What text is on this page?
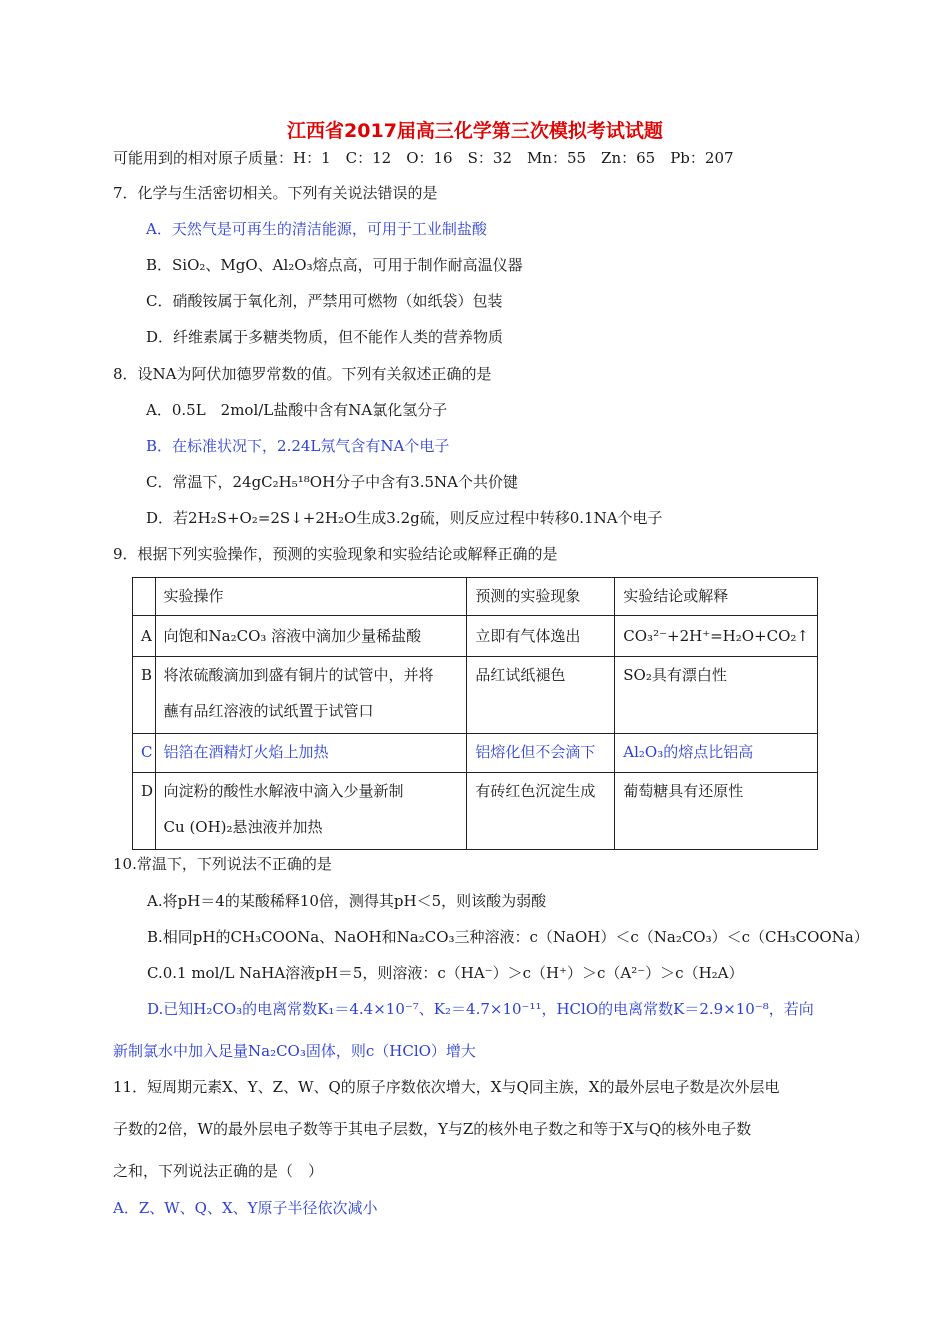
江西省2017届高三化学第三次模拟考试试题
可能用到的相对原子质量：H：1　C：12　O：16　S：32　Mn：55　Zn：65　Pb：207
7．化学与生活密切相关。下列有关说法错误的是
A．天然气是可再生的清洁能源，可用于工业制盐酸
B．SiO₂、MgO、Al₂O₃熔点高，可用于制作耐高温仪器
C．硝酸铵属于氧化剂，严禁用可燃物（如纸袋）包装
D．纤维素属于多糖类物质，但不能作人类的营养物质
8．设NA为阿伏加德罗常数的值。下列有关叙述正确的是
A．0.5L　2mol/L盐酸中含有NA氯化氢分子
B．在标准状况下，2.24L氖气含有NA个电子
C．常温下，24gC₂H₅¹⁸OH分子中含有3.5NA个共价键
D．若2H₂S+O₂=2S↓+2H₂O生成3.2g硫，则反应过程中转移0.1NA个电子
9．根据下列实验操作，预测的实验现象和实验结论或解释正确的是

	实验操作	预测的实验现象	实验结论或解释

A	向饱和Na₂CO₃ 溶液中滴加少量稀盐酸	立即有气体逸出	CO₃²⁻+2H⁺=H₂O+CO₂↑

B	将浓硫酸滴加到盛有铜片的试管中，并将
蘸有品红溶液的试纸置于试管口	品红试纸褪色	SO₂具有漂白性

C	铝箔在酒精灯火焰上加热	铝熔化但不会滴下	Al₂O₃的熔点比铝高

D	向淀粉的酸性水解液中滴入少量新制
Cu (OH)₂悬浊液并加热	有砖红色沉淀生成	葡萄糖具有还原性
10.常温下，下列说法不正确的是
A.将pH＝4的某酸稀释10倍，测得其pH＜5，则该酸为弱酸
B.相同pH的CH₃COONa、NaOH和Na₂CO₃三种溶液：c（NaOH）＜c（Na₂CO₃）＜c（CH₃COONa）
C.0.1 mol/L NaHA溶液pH＝5，则溶液：c（HA⁻）＞c（H⁺）＞c（A²⁻）＞c（H₂A）
D.已知H₂CO₃的电离常数K₁＝4.4×10⁻⁷、K₂＝4.7×10⁻¹¹，HClO的电离常数K＝2.9×10⁻⁸，若向
新制氯水中加入足量Na₂CO₃固体，则c（HClO）增大
11．短周期元素X、Y、Z、W、Q的原子序数依次增大，X与Q同主族，X的最外层电子数是次外层电
子数的2倍，W的最外层电子数等于其电子层数，Y与Z的核外电子数之和等于X与Q的核外电子数
之和，下列说法正确的是（　）
A．Z、W、Q、X、Y原子半径依次减小
